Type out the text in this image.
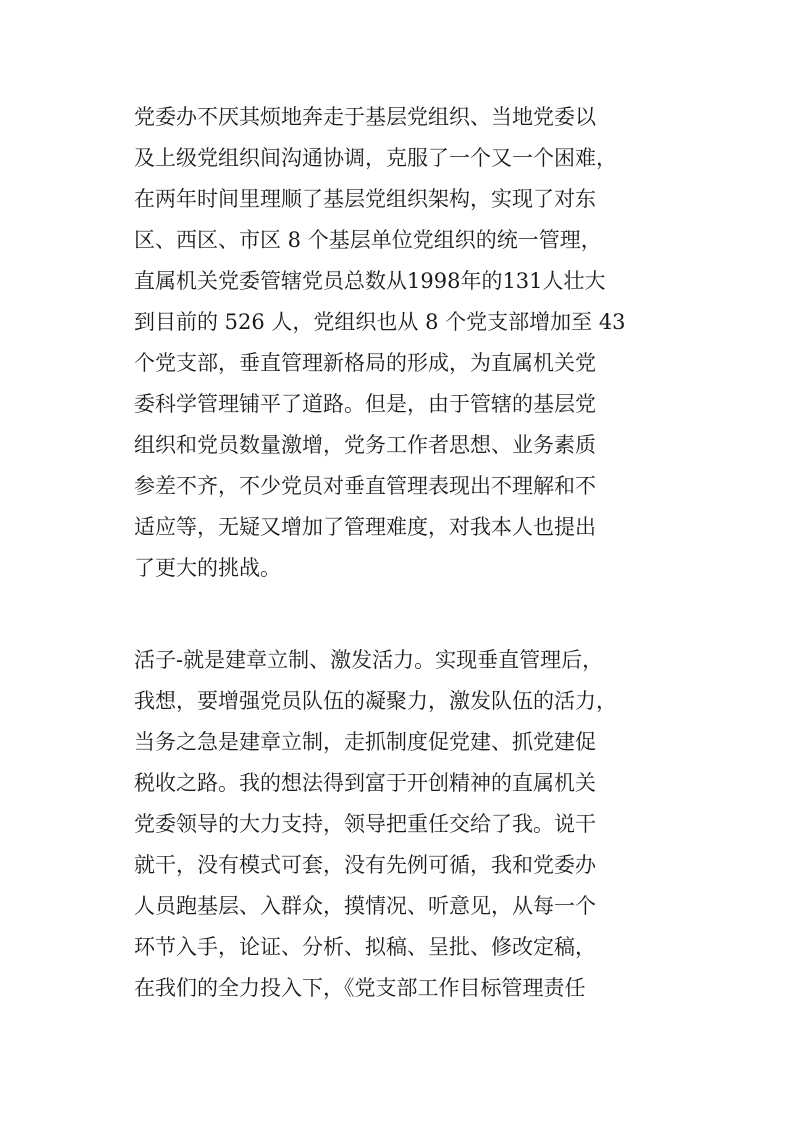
党委办不厌其烦地奔走于基层党组织、当地党委以
及上级党组织间沟通协调，克服了一个又一个困难，
在两年时间里理顺了基层党组织架构，实现了对东
区、西区、市区 8 个基层单位党组织的统一管理，
直属机关党委管辖党员总数从1998年的131人壮大
到目前的 526 人，党组织也从 8 个党支部增加至 43
个党支部，垂直管理新格局的形成，为直属机关党
委科学管理铺平了道路。但是，由于管辖的基层党
组织和党员数量激增，党务工作者思想、业务素质
参差不齐，不少党员对垂直管理表现出不理解和不
适应等，无疑又增加了管理难度，对我本人也提出
了更大的挑战。
活子-就是建章立制、激发活力。实现垂直管理后，
我想，要增强党员队伍的凝聚力，激发队伍的活力，
当务之急是建章立制，走抓制度促党建、抓党建促
税收之路。我的想法得到富于开创精神的直属机关
党委领导的大力支持，领导把重任交给了我。说干
就干，没有模式可套，没有先例可循，我和党委办
人员跑基层、入群众，摸情况、听意见，从每一个
环节入手，论证、分析、拟稿、呈批、修改定稿，
在我们的全力投入下，《党支部工作目标管理责任
